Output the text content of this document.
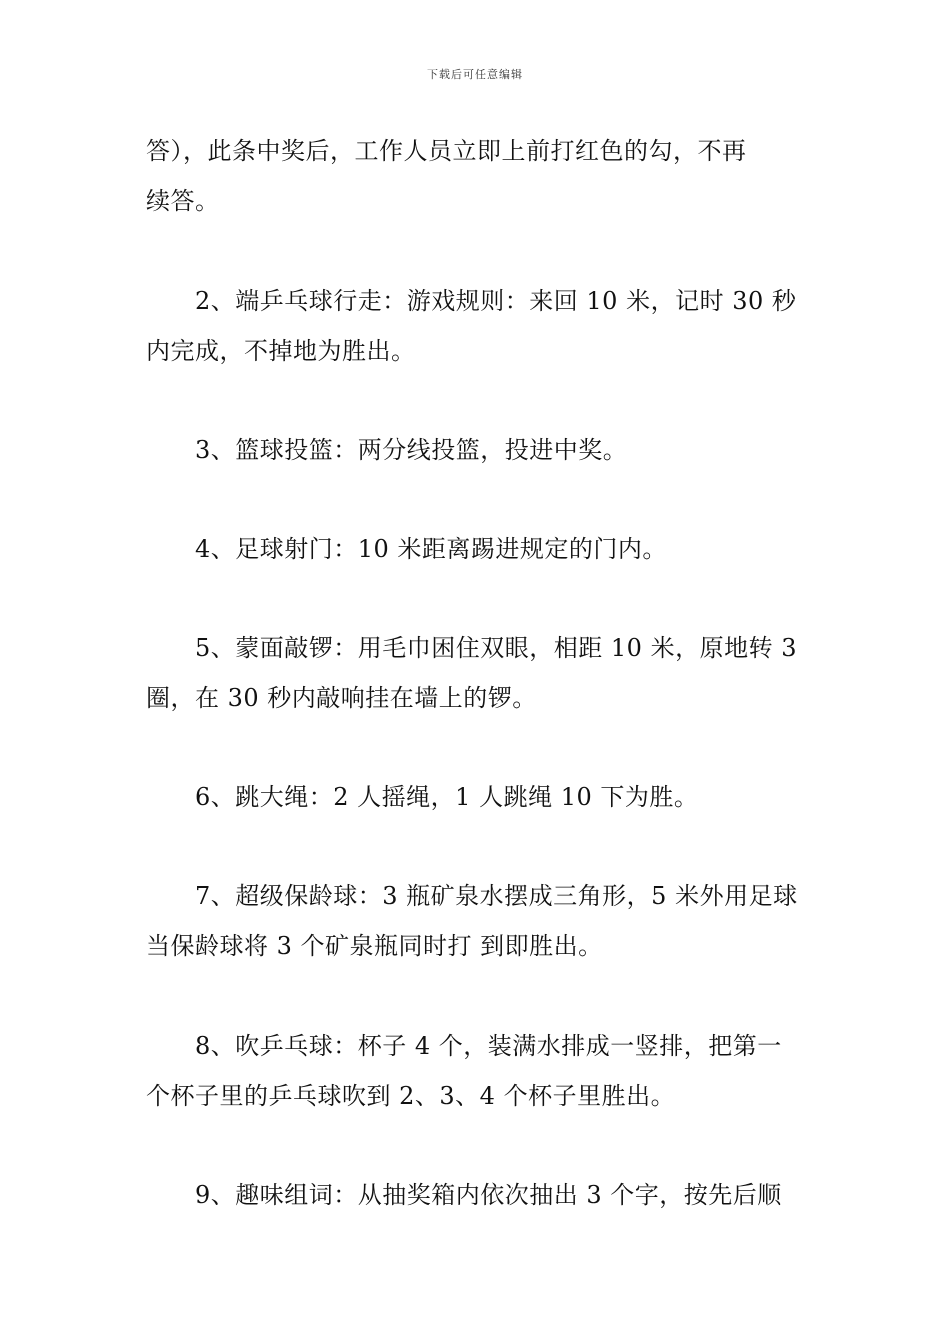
下载后可任意编辑
答），此条中奖后，工作人员立即上前打红色的勾，不再
续答。
2、端乒乓球行走：游戏规则：来回 10 米，记时 30 秒
内完成，不掉地为胜出。
3、篮球投篮：两分线投篮，投进中奖。
4、足球射门：10 米距离踢进规定的门内。
5、蒙面敲锣：用毛巾困住双眼，相距 10 米，原地转 3
圈，在 30 秒内敲响挂在墙上的锣。
6、跳大绳：2 人摇绳，1 人跳绳 10 下为胜。
7、超级保龄球：3 瓶矿泉水摆成三角形，5 米外用足球
当保龄球将 3 个矿泉瓶同时打 到即胜出。
8、吹乒乓球：杯子 4 个，装满水排成一竖排，把第一
个杯子里的乒乓球吹到 2、3、4 个杯子里胜出。
9、趣味组词：从抽奖箱内依次抽出 3 个字，按先后顺
